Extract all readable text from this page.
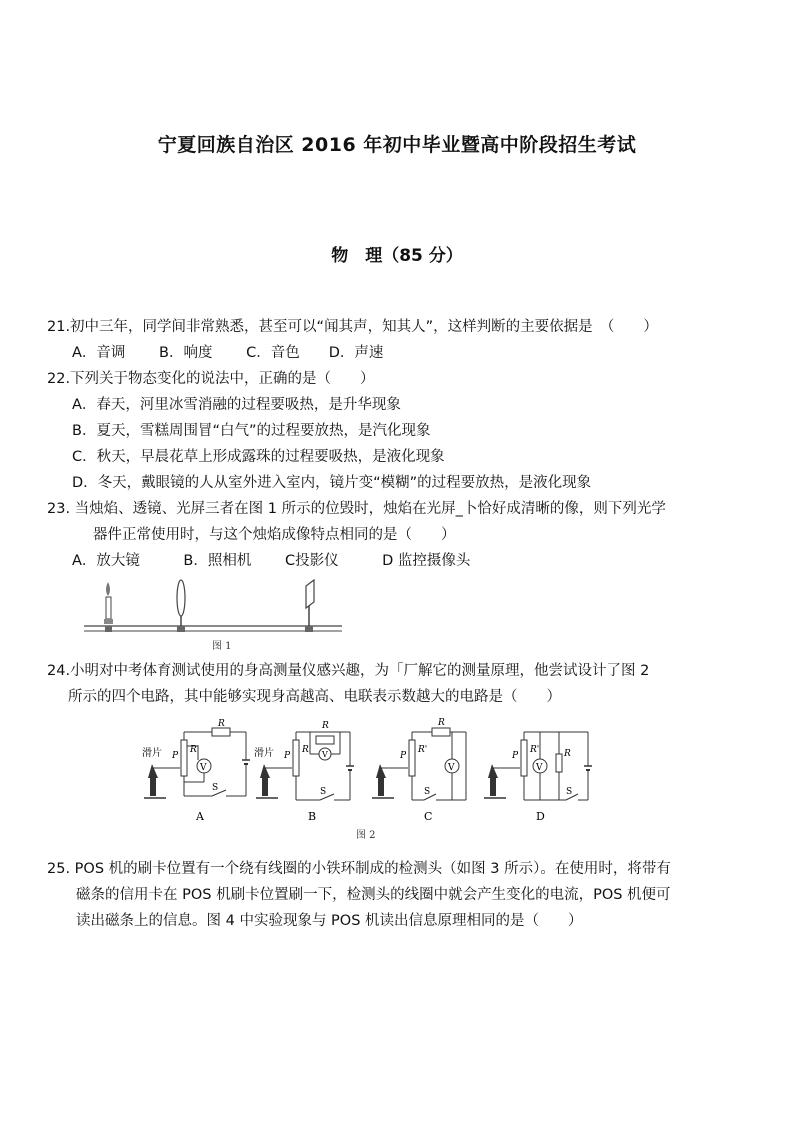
宁夏回族自治区 2016 年初中毕业暨高中阶段招生考试
物　理（85 分）
21.初中三年，同学间非常熟悉，甚至可以“闻其声，知其人”，这样判断的主要依据是　（　　）
A．音调　　 B．响度　　 C．音色　　D．声速
22.下列关于物态变化的说法中，正确的是（　　）
A．春天，河里冰雪消融的过程要吸热，是升华现象
B．夏天，雪糕周围冒“白气”的过程要放热，是汽化现象
C．秋天，早晨花草上形成露珠的过程要吸热，是液化现象
D．冬天，戴眼镜的人从室外进入室内，镜片变“模糊”的过程要放热，是液化现象
23. 当烛焰、透镜、光屏三者在图 1 所示的位毁时，烛焰在光屏_卜恰好成清晰的像，则下列光学
器件正常使用时，与这个烛焰成像特点相同的是（　　）
A．放大镜　　　B．照相机　　 C投影仪　　　D 监控摄像头
图 1
24.小明对中考体育测试使用的身高测量仪感兴趣，为「厂解它的测量原理，他尝试设计了图 2
所示的四个电路，其中能够实现身高越高、电联表示数越大的电路是（　　）
滑片 P
R'
R
S
V
A
滑片 P
R'
R
V
S
B
P
R'
R
V
S
C
P
R'
V
R
S
D
图 2
25. POS 机的刷卡位置有一个绕有线圈的小铁环制成的检测头（如图 3 所示）。在使用时，将带有
磁条的信用卡在 POS 机刷卡位置刷一下，检测头的线圈中就会产生变化的电流，POS 机便可
读出磁条上的信息。图 4 中实验现象与 POS 机读出信息原理相同的是（　　）
